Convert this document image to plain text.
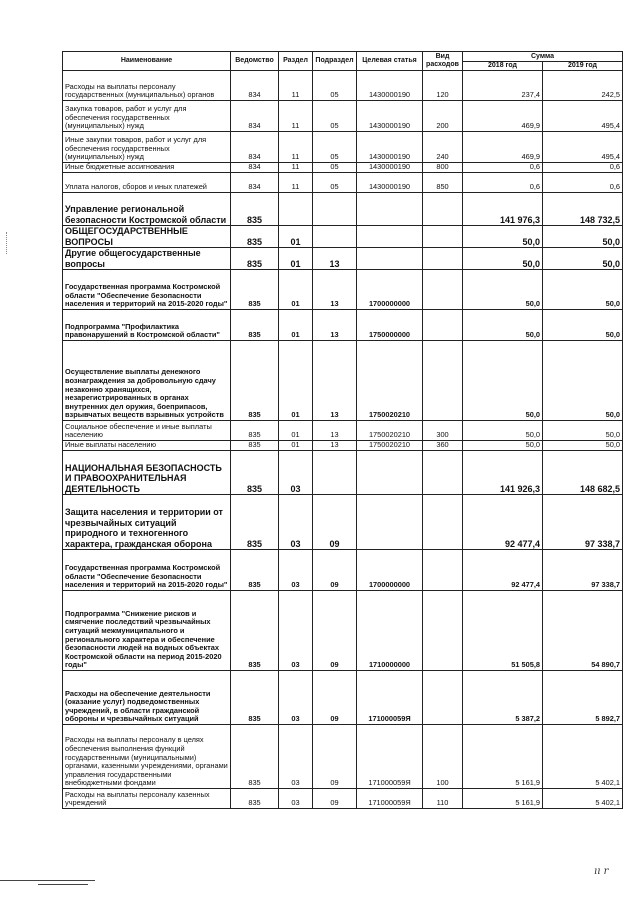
Наименование	Ведомство	Раздел	Подраздел	Целевая статья	Вид расходов	Сумма	
						2018 год	2019 год
Расходы на выплаты персоналу государственных (муниципальных) органов	834	11	05	1430000190	120	237,4	242,5
Закупка товаров, работ и услуг для обеспечения государственных (муниципальных) нужд	834	11	05	1430000190	200	469,9	495,4
Иные закупки товаров, работ и услуг для обеспечения государственных (муниципальных) нужд	834	11	05	1430000190	240	469,9	495,4
Иные бюджетные ассигнования	834	11	05	1430000190	800	0,6	0,6
Уплата налогов, сборов и иных платежей	834	11	05	1430000190	850	0,6	0,6
Управление региональной безопасности Костромской области	835					141 976,3	148 732,5
ОБЩЕГОСУДАРСТВЕННЫЕ ВОПРОСЫ	835	01				50,0	50,0
Другие общегосударственные вопросы	835	01	13			50,0	50,0
Государственная программа Костромской области "Обеспечение безопасности населения и территорий на 2015-2020 годы"	835	01	13	1700000000		50,0	50,0
Подпрограмма "Профилактика правонарушений в Костромской области"	835	01	13	1750000000		50,0	50,0
Осуществление выплаты денежного вознаграждения за добровольную сдачу незаконно хранящихся, незарегистрированных в органах внутренних дел оружия, боеприпасов, взрывчатых веществ взрывных устройств	835	01	13	1750020210		50,0	50,0
Социальное обеспечение и иные выплаты населению	835	01	13	1750020210	300	50,0	50,0
Иные выплаты населению	835	01	13	1750020210	360	50,0	50,0
НАЦИОНАЛЬНАЯ БЕЗОПАСНОСТЬ И ПРАВООХРАНИТЕЛЬНАЯ ДЕЯТЕЛЬНОСТЬ	835	03				141 926,3	148 682,5
Защита населения и территории от чрезвычайных ситуаций природного и техногенного характера, гражданская оборона	835	03	09			92 477,4	97 338,7
Государственная программа Костромской области "Обеспечение безопасности населения и территорий на 2015-2020 годы"	835	03	09	1700000000		92 477,4	97 338,7
Подпрограмма "Снижение рисков и смягчение последствий чрезвычайных ситуаций межмуниципального и регионального характера и обеспечение безопасности людей на водных объектах Костромской области на период 2015-2020 годы"	835	03	09	1710000000		51 505,8	54 890,7
Расходы на обеспечение деятельности (оказание услуг) подведомственных учреждений, в области гражданской обороны и чрезвычайных ситуаций	835	03	09	171000059Я		5 387,2	5 892,7
Расходы на выплаты персоналу в целях обеспечения выполнения функций государственными (муниципальными) органами, казенными учреждениями, органами управления государственными внебюджетными фондами	835	03	09	171000059Я	100	5 161,9	5 402,1
Расходы на выплаты персоналу казенных учреждений	835	03	09	171000059Я	110	5 161,9	5 402,1
ıı r
